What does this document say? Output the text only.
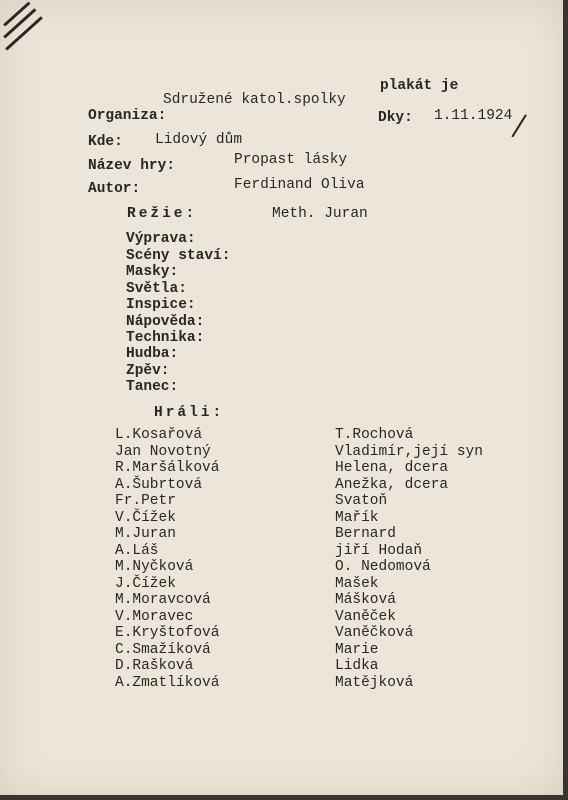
plakát je
Sdružené katol.spolky
Organiza:	Dky: 1.11.1924
Kde: Lidový dům
Název hry:	Propast lásky
Autor:	Ferdinand Oliva
Režie:	Meth. Juran
Výprava:
Scény staví:
Masky:
Světla:
Inspice:
Nápověda:
Technika:
Hudba:
Zpěv:
Tanec:
Hráli:
L.Kosařová	T.Rochová
Jan Novotný	Vladimír,její syn
R.Maršálková	Helena, dcera
A.Šubrtová	Anežka, dcera
Fr.Petr	Svatoň
V.Čížek	Mařík
M.Juran	Bernard
A.Láš	jiří Hodaň
M.Nyčková	O. Nedomová
J.Čížek	Mašek
M.Moravcová	Mášková
V.Moravec	Vaněček
E.Kryštofová	Vaněčková
C.Smažíková	Marie
D.Rašková	Lidka
A.Zmatlíková	Matějková
